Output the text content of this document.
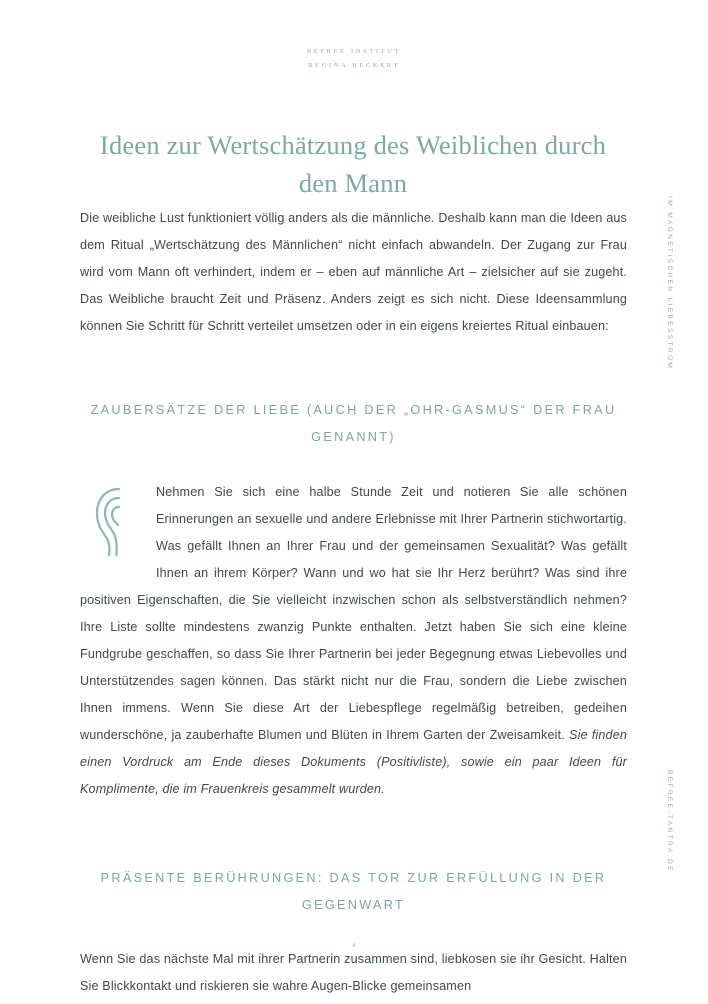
BEFREE INSTITUT
REGINA HECKERT
Ideen zur Wertschätzung des Weiblichen durch den Mann

Die weibliche Lust funktioniert völlig anders als die männliche. Deshalb kann man die Ideen aus dem Ritual „Wertschätzung des Männlichen“ nicht einfach abwandeln. Der Zugang zur Frau wird vom Mann oft verhindert, indem er – eben auf männliche Art – zielsicher auf sie zugeht. Das Weibliche braucht Zeit und Präsenz. Anders zeigt es sich nicht. Diese Ideensammlung können Sie Schritt für Schritt verteilet umsetzen oder in ein eigens kreiertes Ritual einbauen:

ZAUBERSÄTZE DER LIEBE (AUCH DER „OHR-GASMUS“ DER FRAU GENANNT)

Nehmen Sie sich eine halbe Stunde Zeit und notieren Sie alle schönen Erinnerungen an sexuelle und andere Erlebnisse mit Ihrer Partnerin stichwortartig. Was gefällt Ihnen an Ihrer Frau und der gemeinsamen Sexualität? Was gefällt Ihnen an ihrem Körper? Wann und wo hat sie Ihr Herz berührt? Was sind ihre positiven Eigenschaften, die Sie vielleicht inzwischen schon als selbstverständlich nehmen? Ihre Liste sollte mindestens zwanzig Punkte enthalten. Jetzt haben Sie sich eine kleine Fundgrube geschaffen, so dass Sie Ihrer Partnerin bei jeder Begegnung etwas Liebevolles und Unterstützendes sagen können. Das stärkt nicht nur die Frau, sondern die Liebe zwischen Ihnen immens. Wenn Sie diese Art der Liebespflege regelmäßig betreiben, gedeihen wunderschöne, ja zauberhafte Blumen und Blüten in Ihrem Garten der Zweisamkeit. Sie finden einen Vordruck am Ende dieses Dokuments (Positivliste), sowie ein paar Ideen für Komplimente, die im Frauenkreis gesammelt wurden.

PRÄSENTE BERÜHRUNGEN: DAS TOR ZUR ERFÜLLUNG IN DER GEGENWART

Wenn Sie das nächste Mal mit ihrer Partnerin zusammen sind, liebkosen sie ihr Gesicht. Halten Sie Blickkontakt und riskieren sie wahre Augen-Blicke gemeinsamen

IM MAGNETISCHEN LIEBESSTROM
BEFREE-TANTRA.DE
4
